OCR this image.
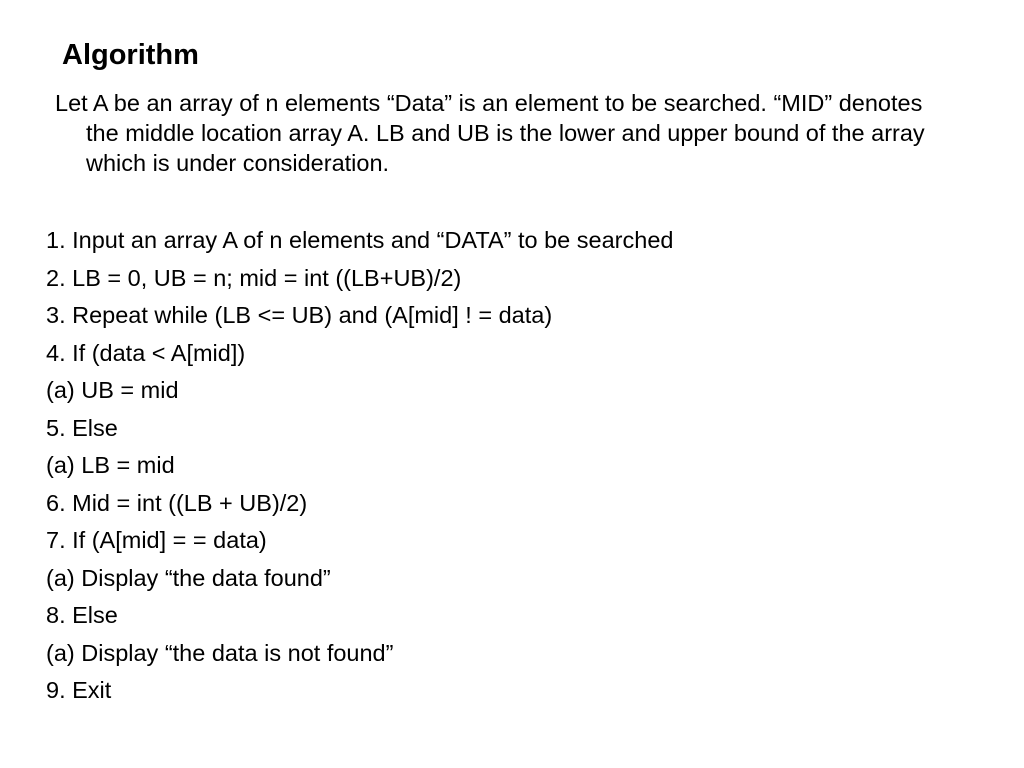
Algorithm
Let A be an array of n elements “Data” is an element to be searched. “MID” denotes the middle location array A. LB and UB is the lower and upper bound of the array which is under consideration.
1. Input an array A of n elements and “DATA” to be searched
2. LB = 0, UB = n; mid = int ((LB+UB)/2)
3. Repeat while (LB <= UB) and (A[mid] ! = data)
4. If (data < A[mid])
(a) UB = mid
5. Else
(a) LB = mid
6. Mid = int ((LB + UB)/2)
7. If (A[mid] = = data)
(a) Display “the data found”
8. Else
(a) Display “the data is not found”
9. Exit
